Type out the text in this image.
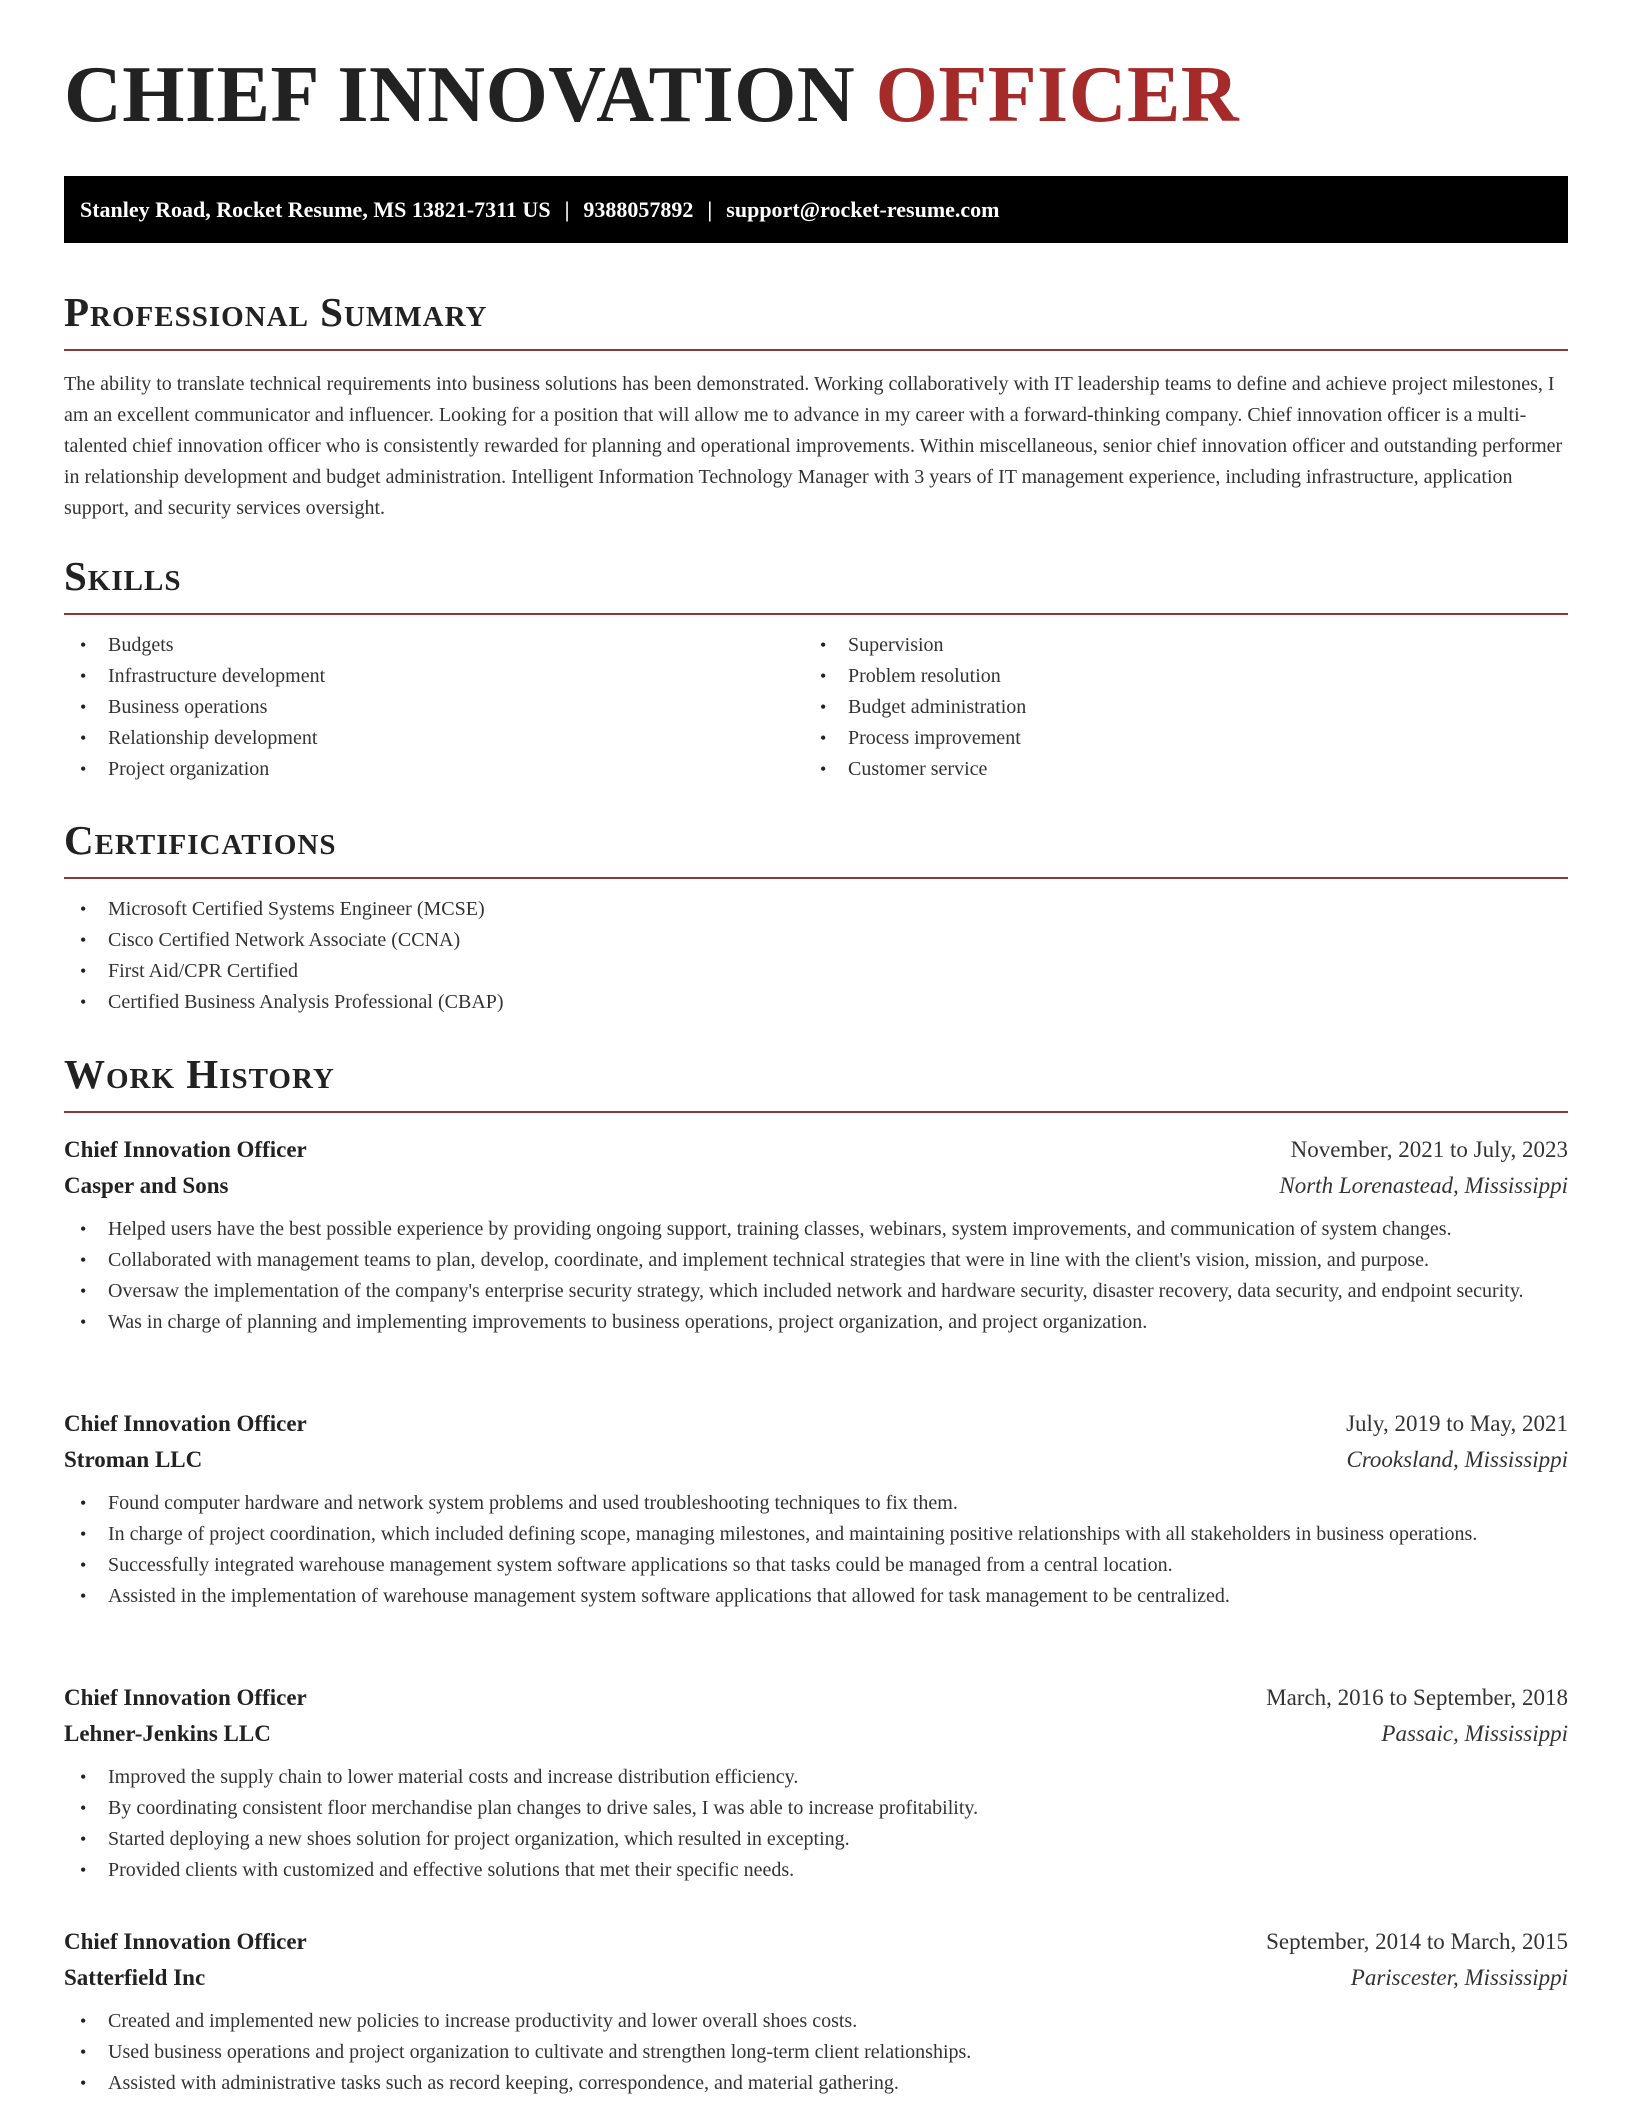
CHIEF INNOVATION OFFICER
Stanley Road, Rocket Resume, MS 13821-7311 US | 9388057892 | support@rocket-resume.com
Professional Summary

The ability to translate technical requirements into business solutions has been demonstrated. Working collaboratively with IT leadership teams to define and achieve project milestones, I am an excellent communicator and influencer. Looking for a position that will allow me to advance in my career with a forward-thinking company. Chief innovation officer is a multi-talented chief innovation officer who is consistently rewarded for planning and operational improvements. Within miscellaneous, senior chief innovation officer and outstanding performer in relationship development and budget administration. Intelligent Information Technology Manager with 3 years of IT management experience, including infrastructure, application support, and security services oversight.

Skills
• Budgets
• Infrastructure development
• Business operations
• Relationship development
• Project organization
• Supervision
• Problem resolution
• Budget administration
• Process improvement
• Customer service
Certifications
• Microsoft Certified Systems Engineer (MCSE)
• Cisco Certified Network Associate (CCNA)
• First Aid/CPR Certified
• Certified Business Analysis Professional (CBAP)
Work History
Chief Innovation Officer	November, 2021 to July, 2023
Casper and Sons	North Lorenastead, Mississippi
• Helped users have the best possible experience by providing ongoing support, training classes, webinars, system improvements, and communication of system changes.
• Collaborated with management teams to plan, develop, coordinate, and implement technical strategies that were in line with the client's vision, mission, and purpose.
• Oversaw the implementation of the company's enterprise security strategy, which included network and hardware security, disaster recovery, data security, and endpoint security.
• Was in charge of planning and implementing improvements to business operations, project organization, and project organization.
Chief Innovation Officer	July, 2019 to May, 2021
Stroman LLC	Crooksland, Mississippi
• Found computer hardware and network system problems and used troubleshooting techniques to fix them.
• In charge of project coordination, which included defining scope, managing milestones, and maintaining positive relationships with all stakeholders in business operations.
• Successfully integrated warehouse management system software applications so that tasks could be managed from a central location.
• Assisted in the implementation of warehouse management system software applications that allowed for task management to be centralized.
Chief Innovation Officer	March, 2016 to September, 2018
Lehner-Jenkins LLC	Passaic, Mississippi
• Improved the supply chain to lower material costs and increase distribution efficiency.
• By coordinating consistent floor merchandise plan changes to drive sales, I was able to increase profitability.
• Started deploying a new shoes solution for project organization, which resulted in excepting.
• Provided clients with customized and effective solutions that met their specific needs.
Chief Innovation Officer	September, 2014 to March, 2015
Satterfield Inc	Pariscester, Mississippi
• Created and implemented new policies to increase productivity and lower overall shoes costs.
• Used business operations and project organization to cultivate and strengthen long-term client relationships.
• Assisted with administrative tasks such as record keeping, correspondence, and material gathering.
